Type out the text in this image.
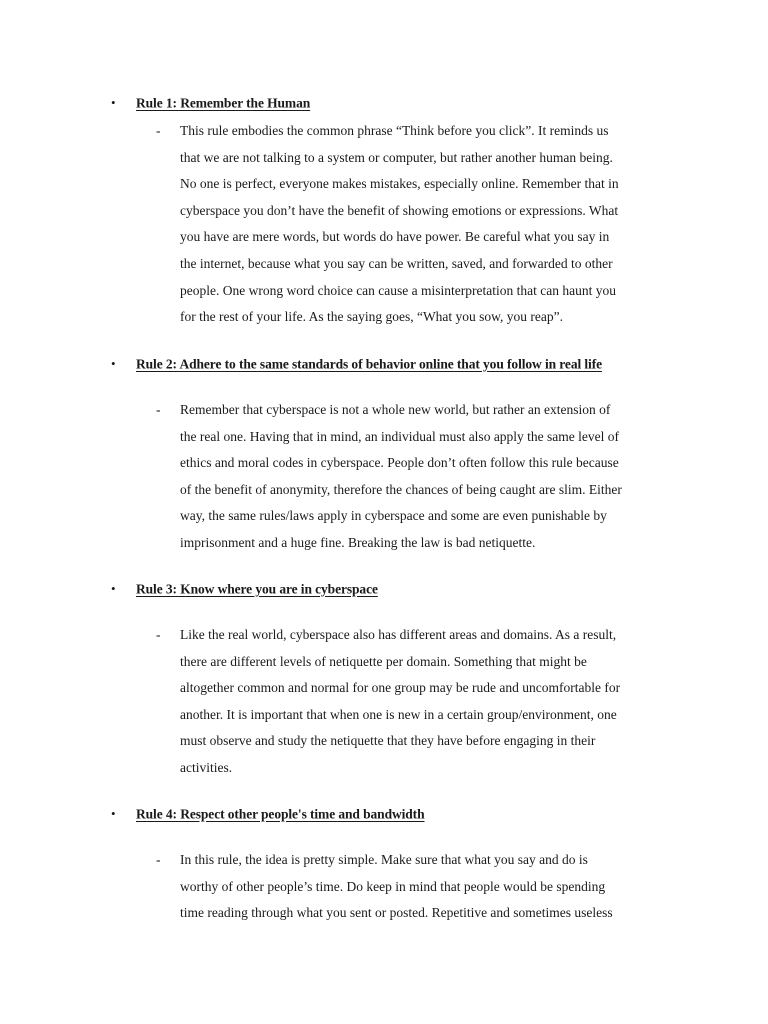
• Rule 1: Remember the Human
-	This rule embodies the common phrase “Think before you click”. It reminds us
that we are not talking to a system or computer, but rather another human being.
No one is perfect, everyone makes mistakes, especially online. Remember that in
cyberspace you don’t have the benefit of showing emotions or expressions. What
you have are mere words, but words do have power. Be careful what you say in
the internet, because what you say can be written, saved, and forwarded to other
people. One wrong word choice can cause a misinterpretation that can haunt you
for the rest of your life. As the saying goes, “What you sow, you reap”.
• Rule 2: Adhere to the same standards of behavior online that you follow in real life
-	Remember that cyberspace is not a whole new world, but rather an extension of
the real one. Having that in mind, an individual must also apply the same level of
ethics and moral codes in cyberspace. People don’t often follow this rule because
of the benefit of anonymity, therefore the chances of being caught are slim. Either
way, the same rules/laws apply in cyberspace and some are even punishable by
imprisonment and a huge fine. Breaking the law is bad netiquette.
• Rule 3: Know where you are in cyberspace
-	Like the real world, cyberspace also has different areas and domains. As a result,
there are different levels of netiquette per domain. Something that might be
altogether common and normal for one group may be rude and uncomfortable for
another. It is important that when one is new in a certain group/environment, one
must observe and study the netiquette that they have before engaging in their
activities.
• Rule 4: Respect other people's time and bandwidth
-	In this rule, the idea is pretty simple. Make sure that what you say and do is
worthy of other people’s time. Do keep in mind that people would be spending
time reading through what you sent or posted. Repetitive and sometimes useless
